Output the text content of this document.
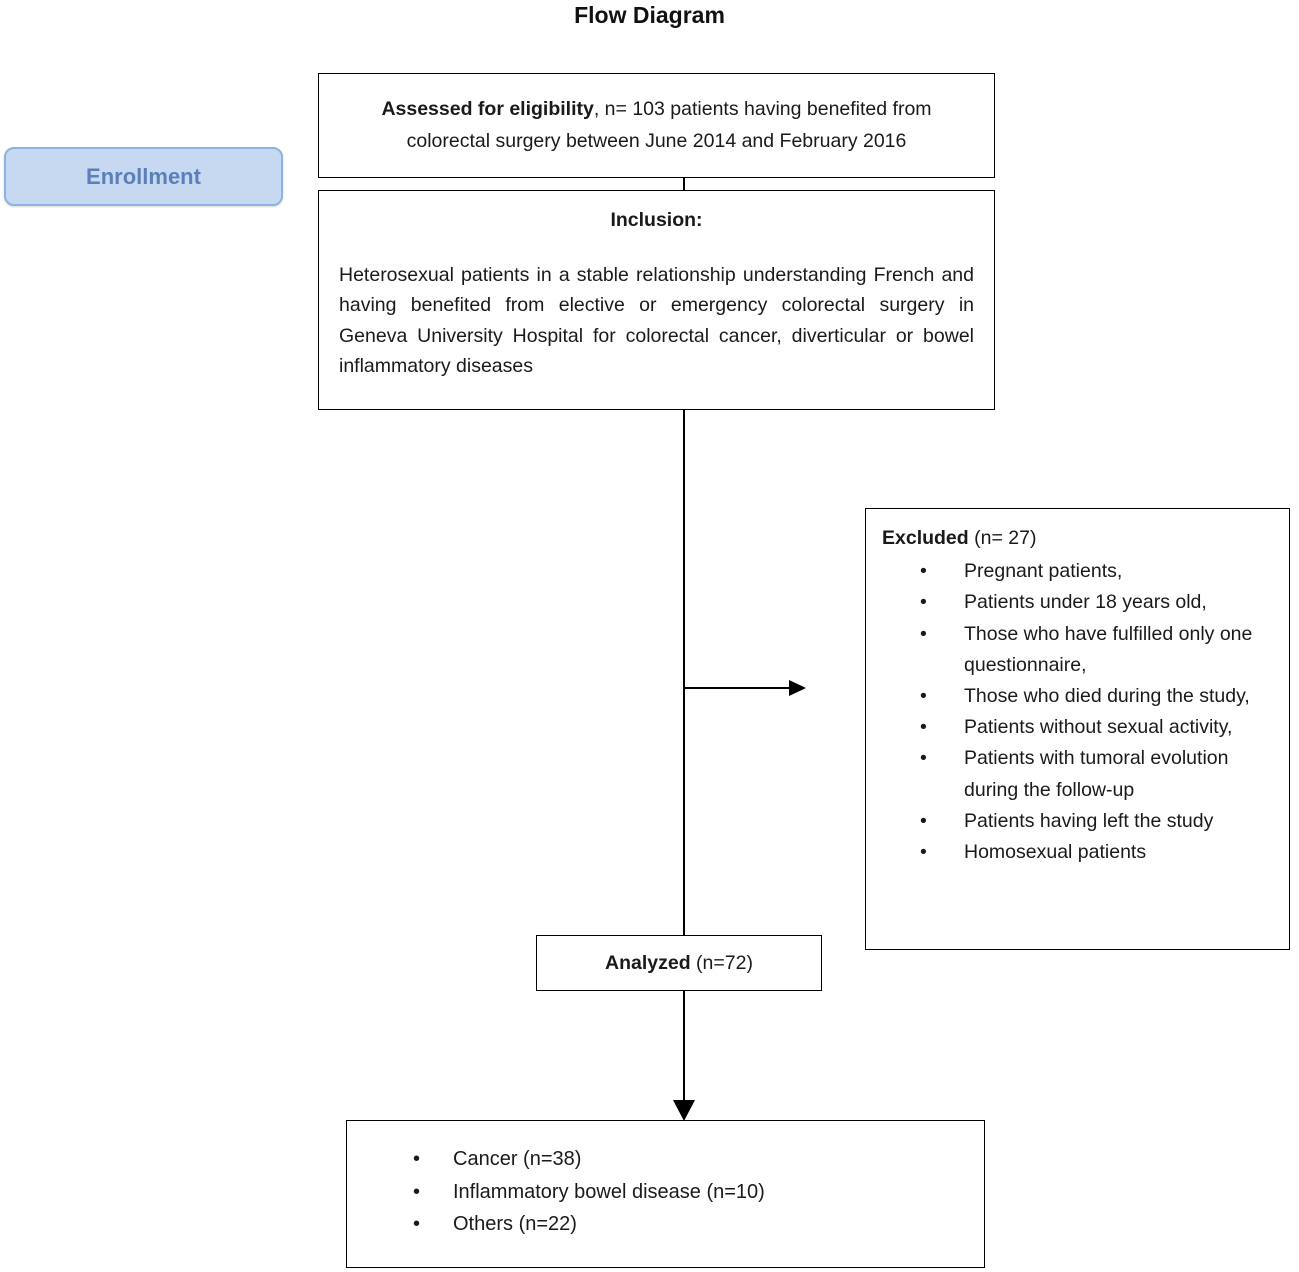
Flow Diagram

Assessed for eligibility, n= 103 patients having benefited from colorectal surgery between June 2014 and February 2016

Enrollment

Inclusion:

Heterosexual patients in a stable relationship understanding French and having benefited from elective or emergency colorectal surgery in Geneva University Hospital for colorectal cancer, diverticular or bowel inflammatory diseases

Excluded (n= 27)

• Pregnant patients,
• Patients under 18 years old,
• Those who have fulfilled only one questionnaire,
• Those who died during the study,
• Patients without sexual activity,
• Patients with tumoral evolution during the follow-up
• Patients having left the study
• Homosexual patients

Analyzed (n=72)

• Cancer (n=38)
• Inflammatory bowel disease (n=10)
• Others (n=22)
